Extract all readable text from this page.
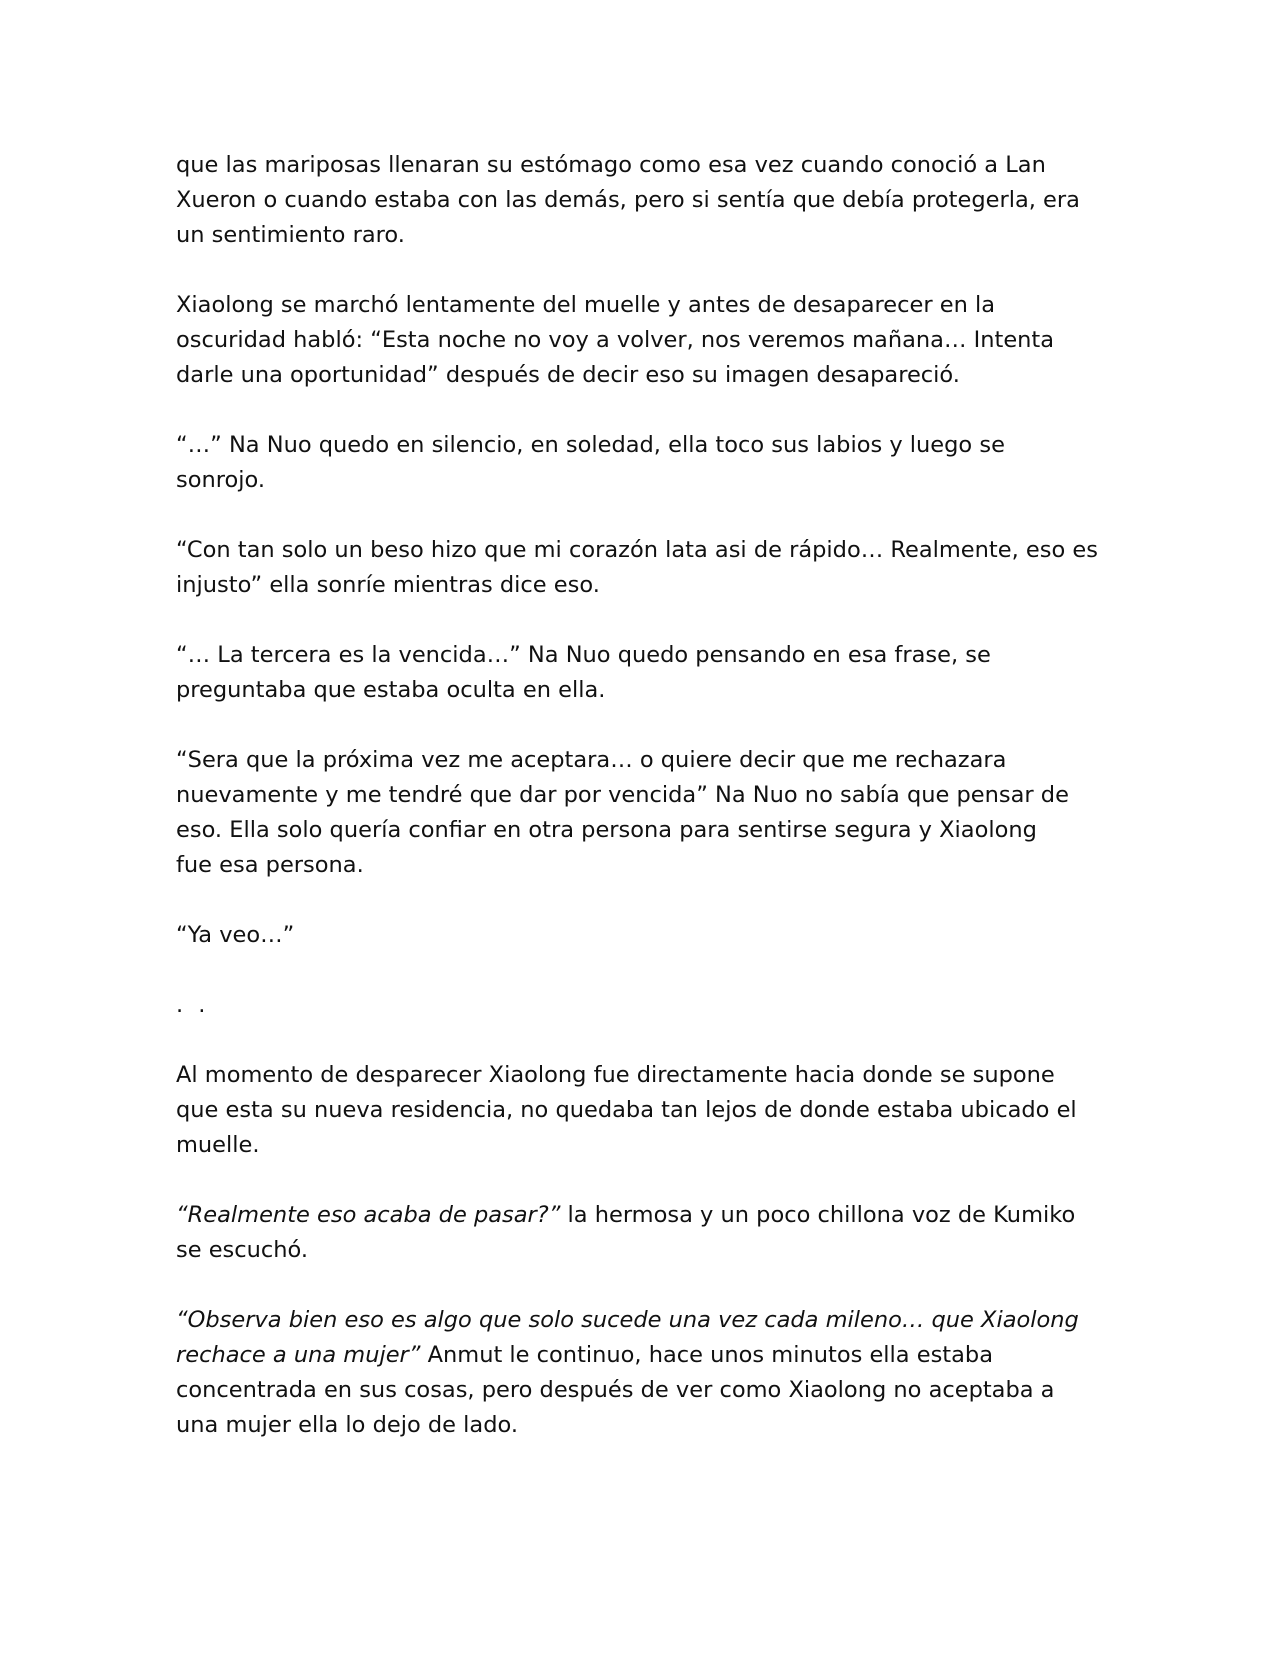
que las mariposas llenaran su estómago como esa vez cuando conoció a Lan
Xueron o cuando estaba con las demás, pero si sentía que debía protegerla, era
un sentimiento raro.

Xiaolong se marchó lentamente del muelle y antes de desaparecer en la
oscuridad habló: “Esta noche no voy a volver, nos veremos mañana… Intenta
darle una oportunidad” después de decir eso su imagen desapareció.

“…” Na Nuo quedo en silencio, en soledad, ella toco sus labios y luego se
sonrojo.

“Con tan solo un beso hizo que mi corazón lata asi de rápido… Realmente, eso es
injusto” ella sonríe mientras dice eso.

“… La tercera es la vencida…” Na Nuo quedo pensando en esa frase, se
preguntaba que estaba oculta en ella.

“Sera que la próxima vez me aceptara… o quiere decir que me rechazara
nuevamente y me tendré que dar por vencida” Na Nuo no sabía que pensar de
eso. Ella solo quería confiar en otra persona para sentirse segura y Xiaolong
fue esa persona.

“Ya veo…”

. .

Al momento de desparecer Xiaolong fue directamente hacia donde se supone
que esta su nueva residencia, no quedaba tan lejos de donde estaba ubicado el
muelle.

“Realmente eso acaba de pasar?” la hermosa y un poco chillona voz de Kumiko
se escuchó.

“Observa bien eso es algo que solo sucede una vez cada mileno… que Xiaolong
rechace a una mujer” Anmut le continuo, hace unos minutos ella estaba
concentrada en sus cosas, pero después de ver como Xiaolong no aceptaba a
una mujer ella lo dejo de lado.
